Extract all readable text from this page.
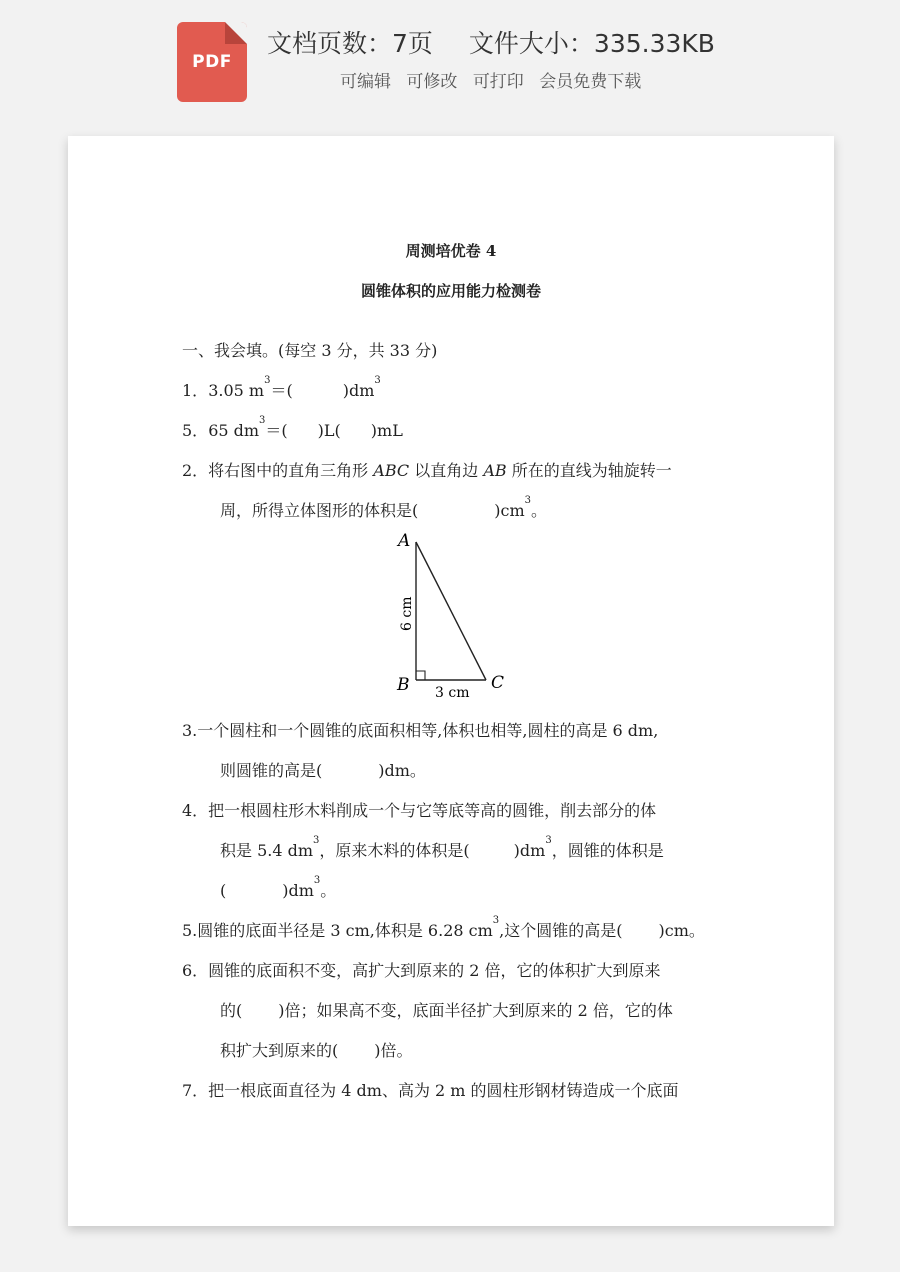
PDF
文档页数：7页 文件大小：335.33KB
可编辑 可修改 可打印 会员免费下载
周测培优卷 4
圆锥体积的应用能力检测卷
一、我会填。(每空 3 分，共 33 分)
1．3.05 $m^3=$(	)$dm^3$
5．65 $dm^3=$( )L( )mL
2．将右图中的直角三角形 ABC 以直角边 AB 所在的直线为轴旋转一
周，所得立体图形的体积是(	)$cm^3$。
A
B	C
6 cm
3 cm
3.一个圆柱和一个圆锥的底面积相等,体积也相等,圆柱的高是 6 dm,
则圆锥的高是(	)dm。
4．把一根圆柱形木料削成一个与它等底等高的圆锥，削去部分的体
积是 5.4 $dm^3$，原来木料的体积是(	)$dm^3$，圆锥的体积是
(	)$dm^3$。
5.圆锥的底面半径是 3 cm,体积是 6.28 $cm^3$,这个圆锥的高是( )cm。
6．圆锥的底面积不变，高扩大到原来的 2 倍，它的体积扩大到原来
的( )倍；如果高不变，底面半径扩大到原来的 2 倍，它的体
积扩大到原来的( )倍。
7．把一根底面直径为 4 dm、高为 2 m 的圆柱形钢材铸造成一个底面
